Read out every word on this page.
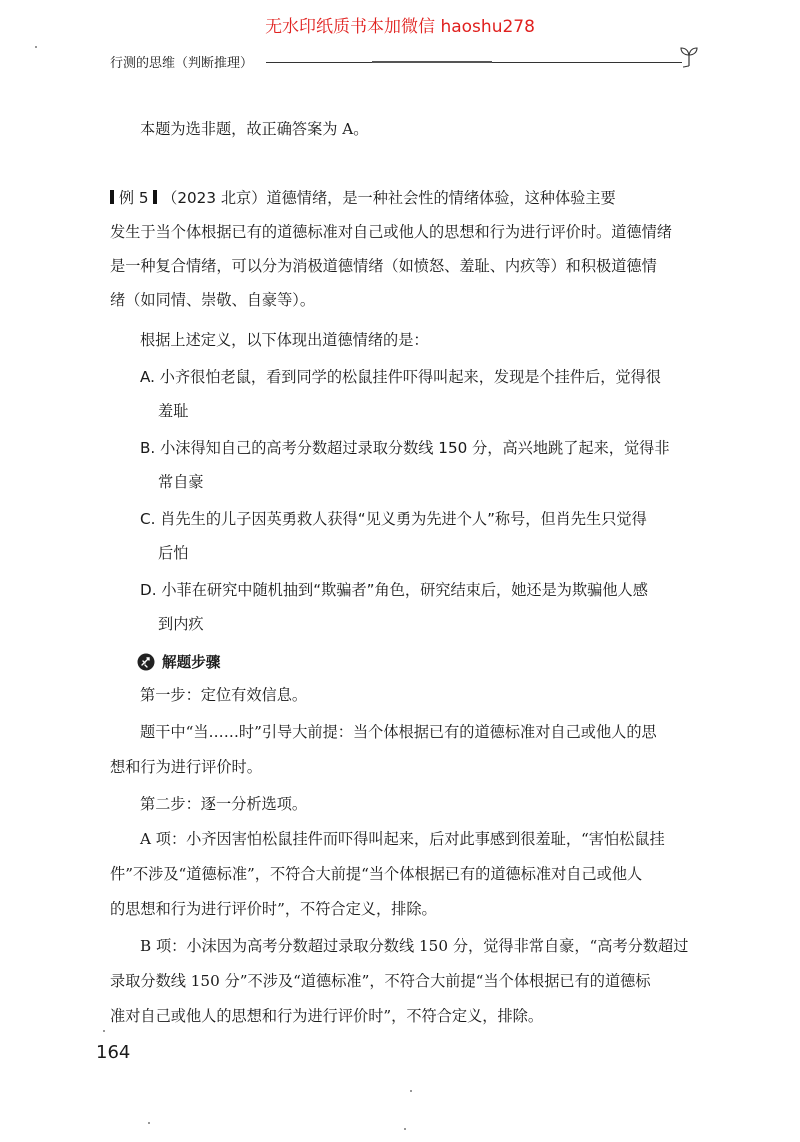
无水印纸质书本加微信 haoshu278
行测的思维（判断推理）
本题为选非题，故正确答案为 A。
例 5 （2023 北京）道德情绪，是一种社会性的情绪体验，这种体验主要
发生于当个体根据已有的道德标准对自己或他人的思想和行为进行评价时。道德情绪
是一种复合情绪，可以分为消极道德情绪（如愤怒、羞耻、内疚等）和积极道德情
绪（如同情、崇敬、自豪等）。
根据上述定义，以下体现出道德情绪的是：
A. 小齐很怕老鼠，看到同学的松鼠挂件吓得叫起来，发现是个挂件后，觉得很
羞耻
B. 小沫得知自己的高考分数超过录取分数线 150 分，高兴地跳了起来，觉得非
常自豪
C. 肖先生的儿子因英勇救人获得“见义勇为先进个人”称号，但肖先生只觉得
后怕
D. 小菲在研究中随机抽到“欺骗者”角色，研究结束后，她还是为欺骗他人感
到内疚
解题步骤
第一步：定位有效信息。
题干中“当……时”引导大前提：当个体根据已有的道德标准对自己或他人的思
想和行为进行评价时。
第二步：逐一分析选项。
A 项：小齐因害怕松鼠挂件而吓得叫起来，后对此事感到很羞耻，“害怕松鼠挂
件”不涉及“道德标准”，不符合大前提“当个体根据已有的道德标准对自己或他人
的思想和行为进行评价时”，不符合定义，排除。
B 项：小沫因为高考分数超过录取分数线 150 分，觉得非常自豪，“高考分数超过
录取分数线 150 分”不涉及“道德标准”，不符合大前提“当个体根据已有的道德标
准对自己或他人的思想和行为进行评价时”，不符合定义，排除。
164
